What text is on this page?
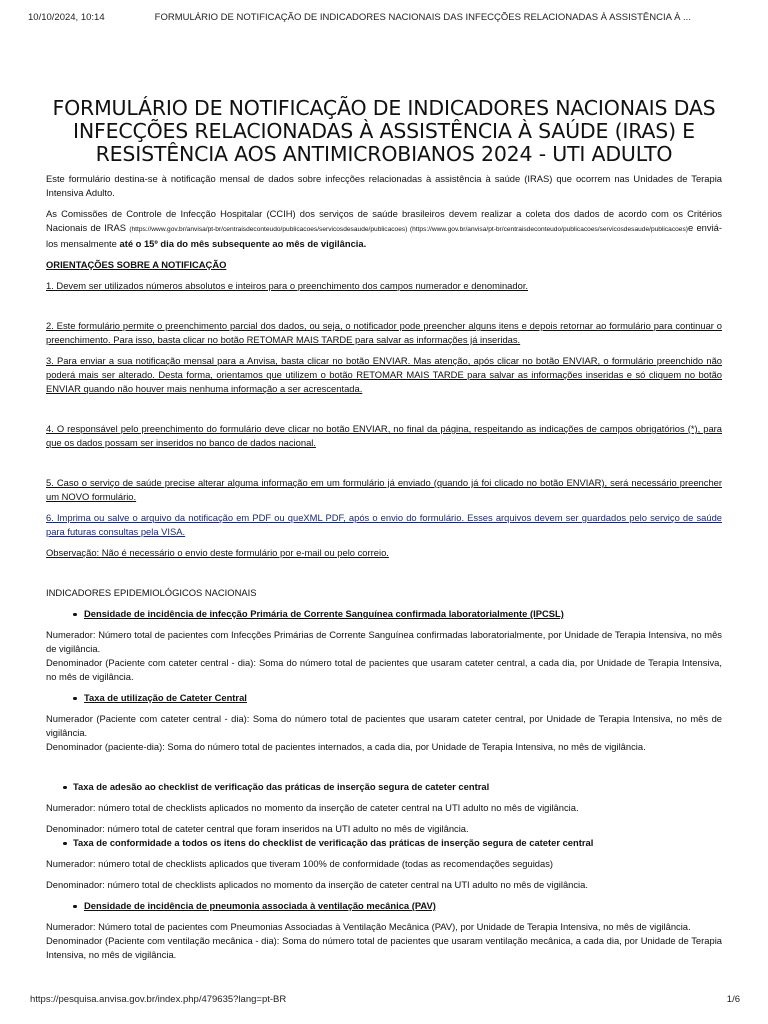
10/10/2024, 10:14	FORMULÁRIO DE NOTIFICAÇÃO DE INDICADORES NACIONAIS DAS INFECÇÕES RELACIONADAS À ASSISTÊNCIA À ...
FORMULÁRIO DE NOTIFICAÇÃO DE INDICADORES NACIONAIS DAS INFECÇÕES RELACIONADAS À ASSISTÊNCIA À SAÚDE (IRAS) E RESISTÊNCIA AOS ANTIMICROBIANOS 2024 - UTI ADULTO

Este formulário destina-se à notificação mensal de dados sobre infecções relacionadas à assistência à saúde (IRAS) que ocorrem nas Unidades de Terapia Intensiva Adulto.

As Comissões de Controle de Infecção Hospitalar (CCIH) dos serviços de saúde brasileiros devem realizar a coleta dos dados de acordo com os Critérios Nacionais de IRAS (https://www.gov.br/anvisa/pt-br/centraisdeconteudo/publicacoes/servicosdesaude/publicacoes) (https://www.gov.br/anvisa/pt-br/centraisdeconteudo/publicacoes/servicosdesaude/publicacoes)e enviá-los mensalmente até o 15º dia do mês subsequente ao mês de vigilância.

ORIENTAÇÕES SOBRE A NOTIFICAÇÃO

1. Devem ser utilizados números absolutos e inteiros para o preenchimento dos campos numerador e denominador.

2. Este formulário permite o preenchimento parcial dos dados, ou seja, o notificador pode preencher alguns itens e depois retornar ao formulário para continuar o preenchimento. Para isso, basta clicar no botão RETOMAR MAIS TARDE para salvar as informações já inseridas.

3. Para enviar a sua notificação mensal para a Anvisa, basta clicar no botão ENVIAR. Mas atenção, após clicar no botão ENVIAR, o formulário preenchido não poderá mais ser alterado. Desta forma, orientamos que utilizem o botão RETOMAR MAIS TARDE para salvar as informações inseridas e só cliquem no botão ENVIAR quando não houver mais nenhuma informação a ser acrescentada.

4. O responsável pelo preenchimento do formulário deve clicar no botão ENVIAR, no final da página, respeitando as indicações de campos obrigatórios (*), para que os dados possam ser inseridos no banco de dados nacional.

5. Caso o serviço de saúde precise alterar alguma informação em um formulário já enviado (quando já foi clicado no botão ENVIAR), será necessário preencher um NOVO formulário.

6. Imprima ou salve o arquivo da notificação em PDF ou queXML PDF, após o envio do formulário. Esses arquivos devem ser guardados pelo serviço de saúde para futuras consultas pela VISA.

Observação: Não é necessário o envio deste formulário por e-mail ou pelo correio.

INDICADORES EPIDEMIOLÓGICOS NACIONAIS

Densidade de incidência de infecção Primária de Corrente Sanguínea confirmada laboratorialmente (IPCSL)

Numerador: Número total de pacientes com Infecções Primárias de Corrente Sanguínea confirmadas laboratorialmente, por Unidade de Terapia Intensiva, no mês de vigilância.

Denominador (Paciente com cateter central - dia): Soma do número total de pacientes que usaram cateter central, a cada dia, por Unidade de Terapia Intensiva, no mês de vigilância.

Taxa de utilização de Cateter Central

Numerador (Paciente com cateter central - dia): Soma do número total de pacientes que usaram cateter central, por Unidade de Terapia Intensiva, no mês de vigilância.

Denominador (paciente-dia): Soma do número total de pacientes internados, a cada dia, por Unidade de Terapia Intensiva, no mês de vigilância.

Taxa de adesão ao checklist de verificação das práticas de inserção segura de cateter central

Numerador: número total de checklists aplicados no momento da inserção de cateter central na UTI adulto no mês de vigilância.

Denominador: número total de cateter central que foram inseridos na UTI adulto no mês de vigilância.

Taxa de conformidade a todos os itens do checklist de verificação das práticas de inserção segura de cateter central

Numerador: número total de checklists aplicados que tiveram 100% de conformidade (todas as recomendações seguidas)

Denominador: número total de checklists aplicados no momento da inserção de cateter central na UTI adulto no mês de vigilância.

Densidade de incidência de pneumonia associada à ventilação mecânica (PAV)

Numerador: Número total de pacientes com Pneumonias Associadas à Ventilação Mecânica (PAV), por Unidade de Terapia Intensiva, no mês de vigilância.

Denominador (Paciente com ventilação mecânica - dia): Soma do número total de pacientes que usaram ventilação mecânica, a cada dia, por Unidade de Terapia Intensiva, no mês de vigilância.

https://pesquisa.anvisa.gov.br/index.php/479635?lang=pt-BR	1/6
